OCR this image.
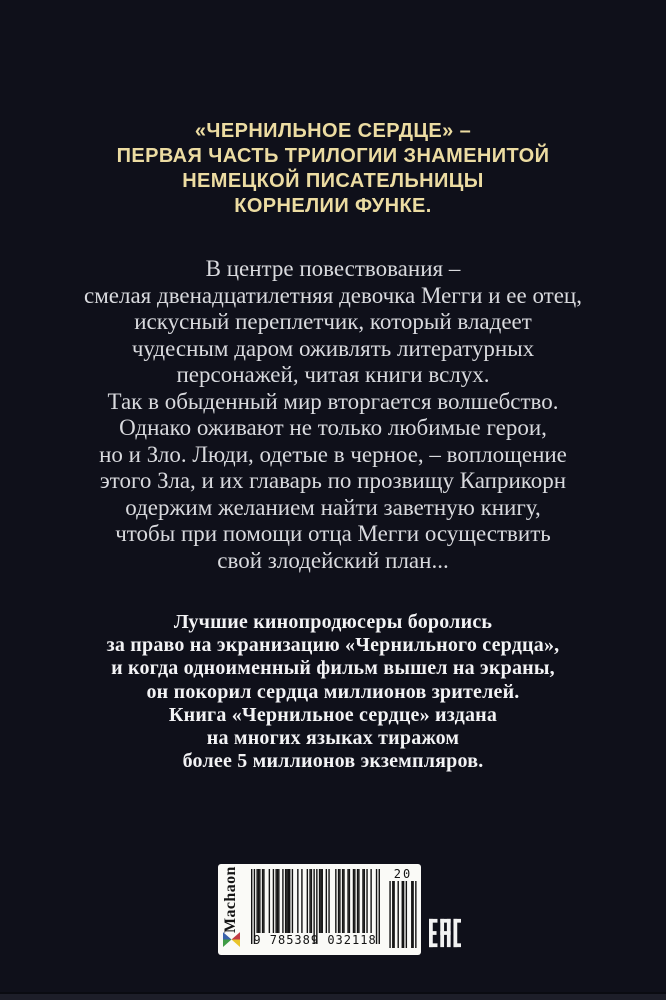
«ЧЕРНИЛЬНОЕ СЕРДЦЕ» –
ПЕРВАЯ ЧАСТЬ ТРИЛОГИИ ЗНАМЕНИТОЙ
НЕМЕЦКОЙ ПИСАТЕЛЬНИЦЫ
КОРНЕЛИИ ФУНКЕ.
В центре повествования –
смелая двенадцатилетняя девочка Мегги и ее отец,
искусный переплетчик, который владеет
чудесным даром оживлять литературных
персонажей, читая книги вслух.
Так в обыденный мир вторгается волшебство.
Однако оживают не только любимые герои,
но и Зло. Люди, одетые в черное, – воплощение
этого Зла, и их главарь по прозвищу Каприкорн
одержим желанием найти заветную книгу,
чтобы при помощи отца Мегги осуществить
свой злодейский план...
Лучшие кинопродюсеры боролись
за право на экранизацию «Чернильного сердца»,
и когда одноименный фильм вышел на экраны,
он покорил сердца миллионов зрителей.
Книга «Чернильное сердце» издана
на многих языках тиражом
более 5 миллионов экземпляров.
Machaon
9 785389 032118
20
